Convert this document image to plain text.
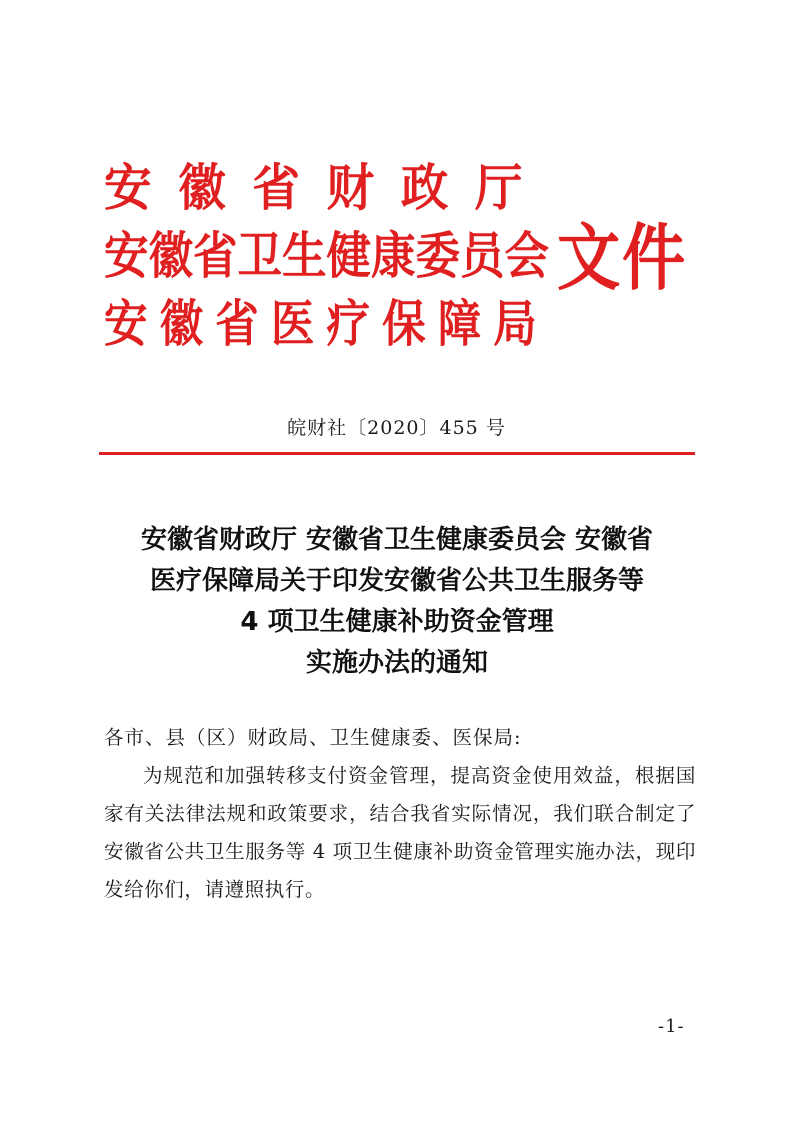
安徽省财政厅
安徽省卫生健康委员会
安徽省医疗保障局
文件
皖财社〔2020〕455 号
安徽省财政厅 安徽省卫生健康委员会 安徽省
医疗保障局关于印发安徽省公共卫生服务等
4 项卫生健康补助资金管理
实施办法的通知
各市、县（区）财政局、卫生健康委、医保局:
为规范和加强转移支付资金管理，提高资金使用效益，根据国家有关法律法规和政策要求，结合我省实际情况，我们联合制定了安徽省公共卫生服务等 4 项卫生健康补助资金管理实施办法，现印发给你们，请遵照执行。
-1-
